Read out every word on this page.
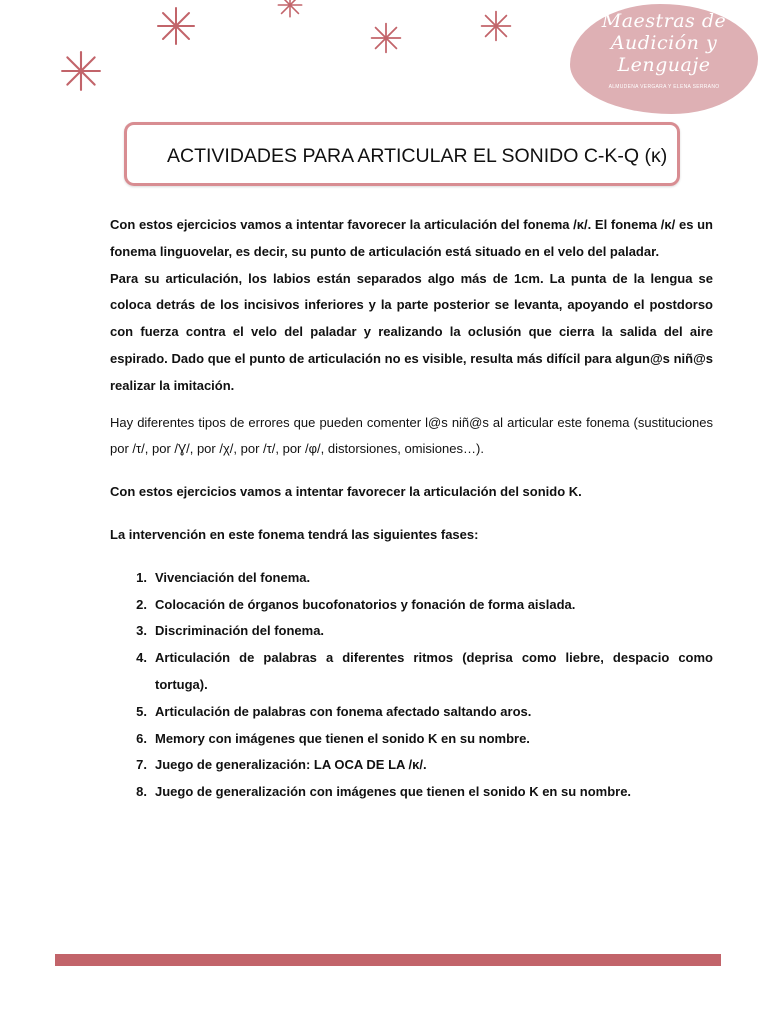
Maestras de
Audición y
Lenguaje
ALMUDENA VERGARA Y ELENA SERRANO
ACTIVIDADES PARA ARTICULAR EL SONIDO C-K-Q (κ)

Con estos ejercicios vamos a intentar favorecer la articulación del fonema /κ/. El fonema /κ/ es un fonema linguovelar, es decir, su punto de articulación está situado en el velo del paladar.

Para su articulación, los labios están separados algo más de 1cm. La punta de la lengua se coloca detrás de los incisivos inferiores y la parte posterior se levanta, apoyando el postdorso con fuerza contra el velo del paladar y realizando la oclusión que cierra la salida del aire espirado. Dado que el punto de articulación no es visible, resulta más difícil para algun@s niñ@s realizar la imitación.

Hay diferentes tipos de errores que pueden comenter l@s niñ@s al articular este fonema (sustituciones por /τ/, por /Ɣ/, por /χ/, por /τ/, por /φ/, distorsiones, omisiones…).

Con estos ejercicios vamos a intentar favorecer la articulación del sonido K.

La intervención en este fonema tendrá las siguientes fases:

1. Vivenciación del fonema.
2. Colocación de órganos bucofonatorios y fonación de forma aislada.
3. Discriminación del fonema.
4. Articulación de palabras a diferentes ritmos (deprisa como liebre, despacio como tortuga).
5. Articulación de palabras con fonema afectado saltando aros.
6. Memory con imágenes que tienen el sonido K en su nombre.
7. Juego de generalización: LA OCA DE LA /κ/.
8. Juego de generalización con imágenes que tienen el sonido K en su nombre.
